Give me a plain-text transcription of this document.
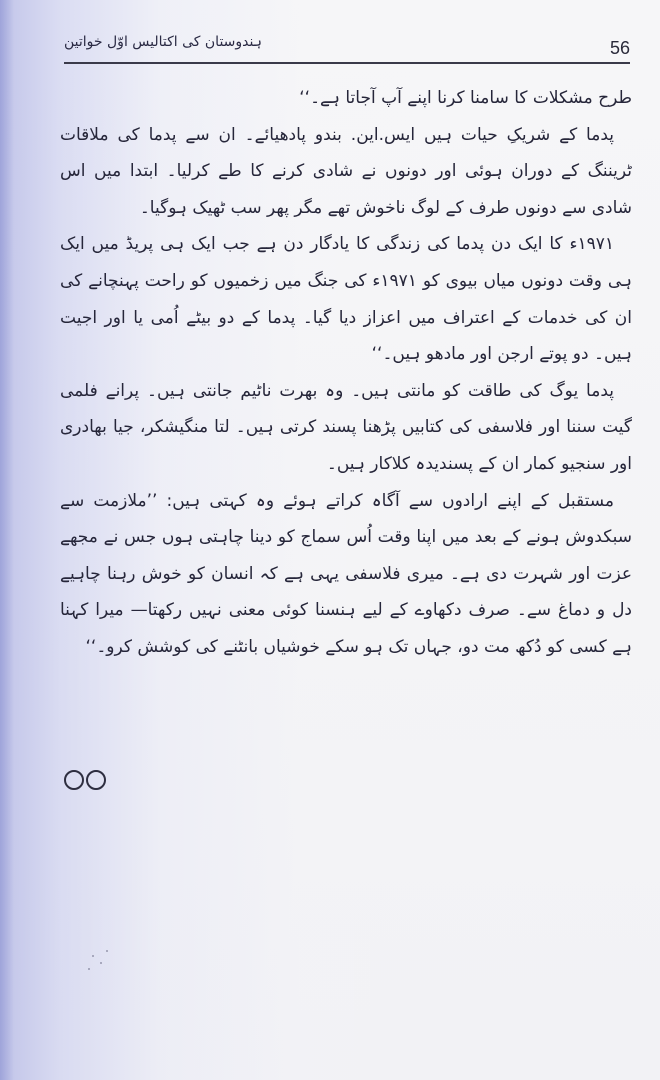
ہندوستان کی اکتالیس اوّل خواتین	56

طرح مشکلات کا سامنا کرنا اپنے آپ آجاتا ہے۔‘‘

پدما کے شریکِ حیات ہیں ایس.این. بندو پادھیائے۔ ان سے پدما کی ملاقات ٹریننگ کے دوران ہوئی اور دونوں نے شادی کرنے کا طے کرلیا۔ ابتدا میں اس شادی سے دونوں طرف کے لوگ ناخوش تھے مگر پھر سب ٹھیک ہوگیا۔

۱۹۷۱ء کا ایک دن پدما کی زندگی کا یادگار دن ہے جب ایک ہی پریڈ میں ایک ہی وقت دونوں میاں بیوی کو ۱۹۷۱ء کی جنگ میں زخمیوں کو راحت پہنچانے کی ان کی خدمات کے اعتراف میں اعزاز دیا گیا۔ پدما کے دو بیٹے اُمی یا اور اجیت ہیں۔ دو پوتے ارجن اور مادھو ہیں۔‘‘

پدما یوگ کی طاقت کو مانتی ہیں۔ وہ بھرت ناٹیم جانتی ہیں۔ پرانے فلمی گیت سننا اور فلاسفی کی کتابیں پڑھنا پسند کرتی ہیں۔ لتا منگیشکر، جیا بھادری اور سنجیو کمار ان کے پسندیدہ کلاکار ہیں۔

مستقبل کے اپنے ارادوں سے آگاہ کراتے ہوئے وہ کہتی ہیں: ’’ملازمت سے سبکدوش ہونے کے بعد میں اپنا وقت اُس سماج کو دینا چاہتی ہوں جس نے مجھے عزت اور شہرت دی ہے۔ میری فلاسفی یہی ہے کہ انسان کو خوش رہنا چاہیے دل و دماغ سے۔ صرف دکھاوے کے لیے ہنسنا کوئی معنی نہیں رکھتا— میرا کہنا ہے کسی کو دُکھ مت دو، جہاں تک ہو سکے خوشیاں بانٹنے کی کوشش کرو۔‘‘
